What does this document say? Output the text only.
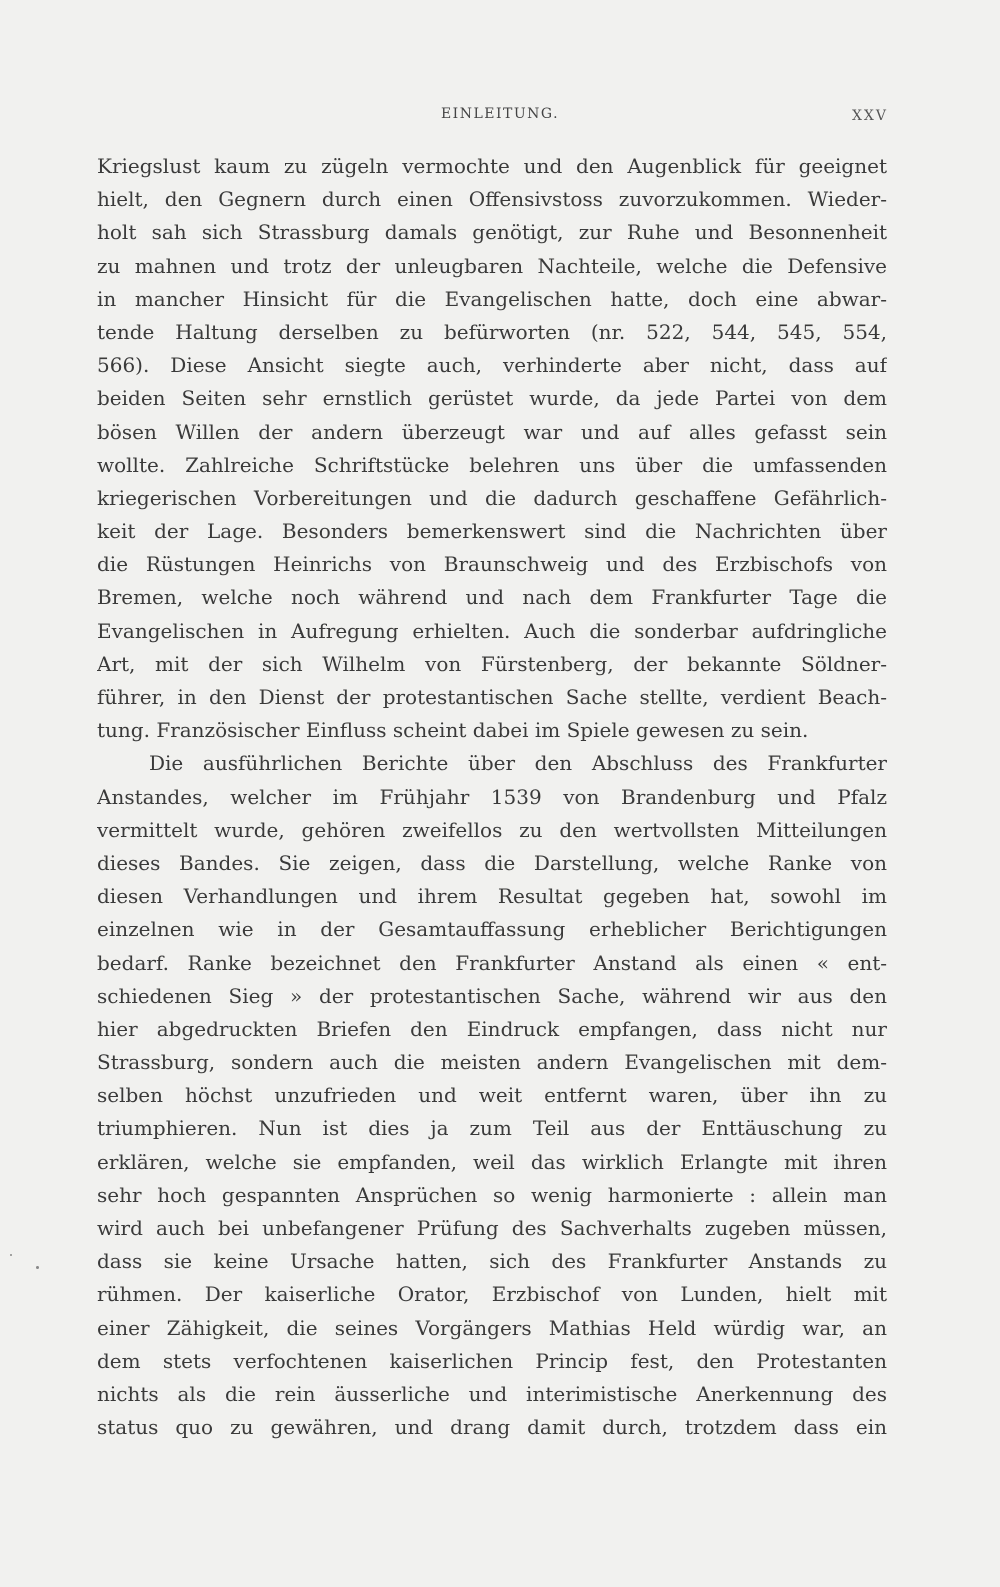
EINLEITUNG.	XXV
Kriegslust kaum zu zügeln vermochte und den Augenblick für geeignet
hielt, den Gegnern durch einen Offensivstoss zuvorzukommen. Wieder-
holt sah sich Strassburg damals genötigt, zur Ruhe und Besonnenheit
zu mahnen und trotz der unleugbaren Nachteile, welche die Defensive
in mancher Hinsicht für die Evangelischen hatte, doch eine abwar-
tende Haltung derselben zu befürworten (nr. 522, 544, 545, 554,
566). Diese Ansicht siegte auch, verhinderte aber nicht, dass auf
beiden Seiten sehr ernstlich gerüstet wurde, da jede Partei von dem
bösen Willen der andern überzeugt war und auf alles gefasst sein
wollte. Zahlreiche Schriftstücke belehren uns über die umfassenden
kriegerischen Vorbereitungen und die dadurch geschaffene Gefährlich-
keit der Lage. Besonders bemerkenswert sind die Nachrichten über
die Rüstungen Heinrichs von Braunschweig und des Erzbischofs von
Bremen, welche noch während und nach dem Frankfurter Tage die
Evangelischen in Aufregung erhielten. Auch die sonderbar aufdringliche
Art, mit der sich Wilhelm von Fürstenberg, der bekannte Söldner-
führer, in den Dienst der protestantischen Sache stellte, verdient Beach-
tung. Französischer Einfluss scheint dabei im Spiele gewesen zu sein.
Die ausführlichen Berichte über den Abschluss des Frankfurter
Anstandes, welcher im Frühjahr 1539 von Brandenburg und Pfalz
vermittelt wurde, gehören zweifellos zu den wertvollsten Mitteilungen
dieses Bandes. Sie zeigen, dass die Darstellung, welche Ranke von
diesen Verhandlungen und ihrem Resultat gegeben hat, sowohl im
einzelnen wie in der Gesamtauffassung erheblicher Berichtigungen
bedarf. Ranke bezeichnet den Frankfurter Anstand als einen « ent-
schiedenen Sieg » der protestantischen Sache, während wir aus den
hier abgedruckten Briefen den Eindruck empfangen, dass nicht nur
Strassburg, sondern auch die meisten andern Evangelischen mit dem-
selben höchst unzufrieden und weit entfernt waren, über ihn zu
triumphieren. Nun ist dies ja zum Teil aus der Enttäuschung zu
erklären, welche sie empfanden, weil das wirklich Erlangte mit ihren
sehr hoch gespannten Ansprüchen so wenig harmonierte : allein man
wird auch bei unbefangener Prüfung des Sachverhalts zugeben müssen,
dass sie keine Ursache hatten, sich des Frankfurter Anstands zu
rühmen. Der kaiserliche Orator, Erzbischof von Lunden, hielt mit
einer Zähigkeit, die seines Vorgängers Mathias Held würdig war, an
dem stets verfochtenen kaiserlichen Princip fest, den Protestanten
nichts als die rein äusserliche und interimistische Anerkennung des
status quo zu gewähren, und drang damit durch, trotzdem dass ein
